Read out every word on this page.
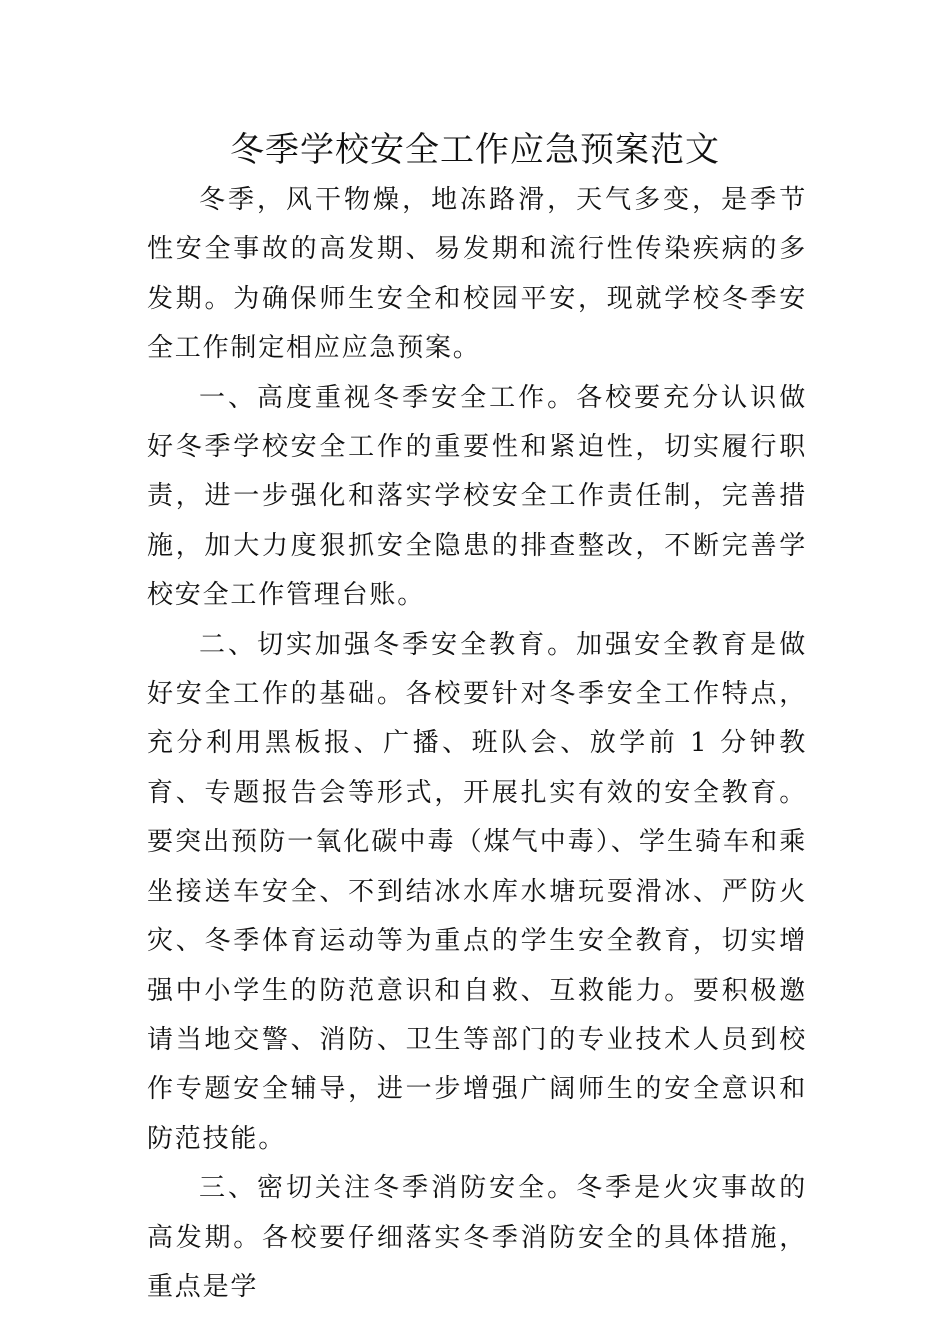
冬季学校安全工作应急预案范文

冬季，风干物燥，地冻路滑，天气多变，是季节性安全事故的高发期、易发期和流行性传染疾病的多发期。为确保师生安全和校园平安，现就学校冬季安全工作制定相应应急预案。

一、高度重视冬季安全工作。各校要充分认识做好冬季学校安全工作的重要性和紧迫性，切实履行职责，进一步强化和落实学校安全工作责任制，完善措施，加大力度狠抓安全隐患的排查整改，不断完善学校安全工作管理台账。

二、切实加强冬季安全教育。加强安全教育是做好安全工作的基础。各校要针对冬季安全工作特点，充分利用黑板报、广播、班队会、放学前 1 分钟教育、专题报告会等形式，开展扎实有效的安全教育。要突出预防一氧化碳中毒（煤气中毒）、学生骑车和乘坐接送车安全、不到结冰水库水塘玩耍滑冰、严防火灾、冬季体育运动等为重点的学生安全教育，切实增强中小学生的防范意识和自救、互救能力。要积极邀请当地交警、消防、卫生等部门的专业技术人员到校作专题安全辅导，进一步增强广阔师生的安全意识和防范技能。

三、密切关注冬季消防安全。冬季是火灾事故的高发期。各校要仔细落实冬季消防安全的具体措施，重点是学
